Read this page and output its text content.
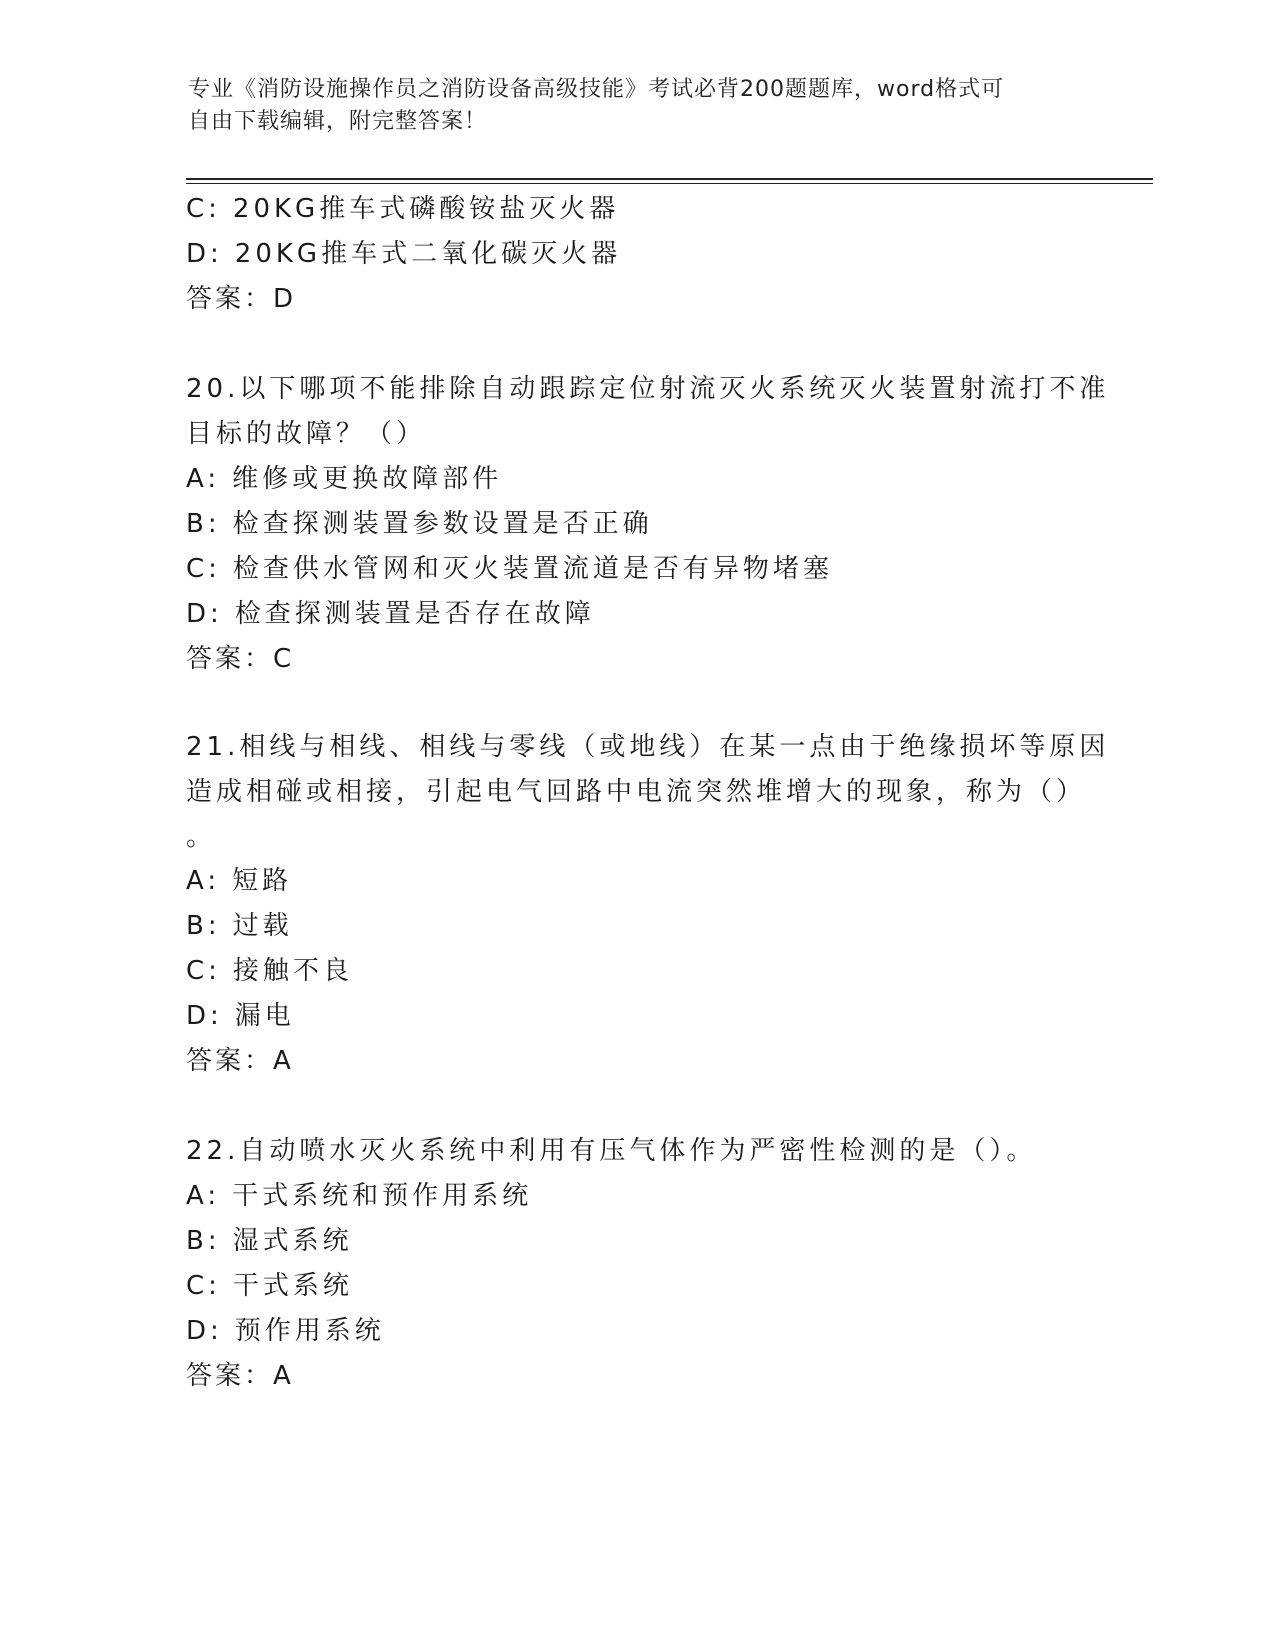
专业《消防设施操作员之消防设备高级技能》考试必背200题题库，word格式可
自由下载编辑，附完整答案！
C: 20KG推车式磷酸铵盐灭火器
D: 20KG推车式二氧化碳灭火器
答案：D
20.以下哪项不能排除自动跟踪定位射流灭火系统灭火装置射流打不准
目标的故障？（）
A: 维修或更换故障部件
B: 检查探测装置参数设置是否正确
C: 检查供水管网和灭火装置流道是否有异物堵塞
D: 检查探测装置是否存在故障
答案：C
21.相线与相线、相线与零线（或地线）在某一点由于绝缘损坏等原因
造成相碰或相接，引起电气回路中电流突然堆增大的现象，称为（）
。
A: 短路
B: 过载
C: 接触不良
D: 漏电
答案：A
22.自动喷水灭火系统中利用有压气体作为严密性检测的是（）。
A: 干式系统和预作用系统
B: 湿式系统
C: 干式系统
D: 预作用系统
答案：A
